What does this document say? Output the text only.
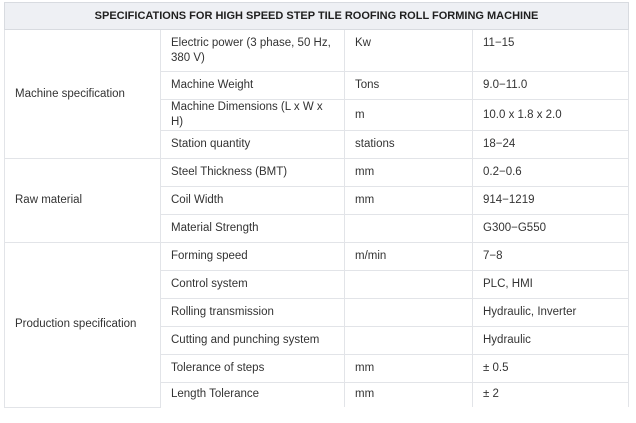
SPECIFICATIONS FOR HIGH SPEED STEP TILE ROOFING ROLL FORMING MACHINE			
Machine specification	Electric power (3 phase, 50 Hz, 380 V)	Kw	11−15
	Machine Weight	Tons	9.0−11.0
	Machine Dimensions (L x W x H)	m	10.0 x 1.8 x 2.0
	Station quantity	stations	18−24
Raw material	Steel Thickness (BMT)	mm	0.2−0.6
	Coil Width	mm	914−1219
	Material Strength		G300−G550
Production specification	Forming speed	m/min	7−8
	Control system		PLC, HMI
	Rolling transmission		Hydraulic, Inverter
	Cutting and punching system		Hydraulic
	Tolerance of steps	mm	± 0.5
	Length Tolerance	mm	± 2
